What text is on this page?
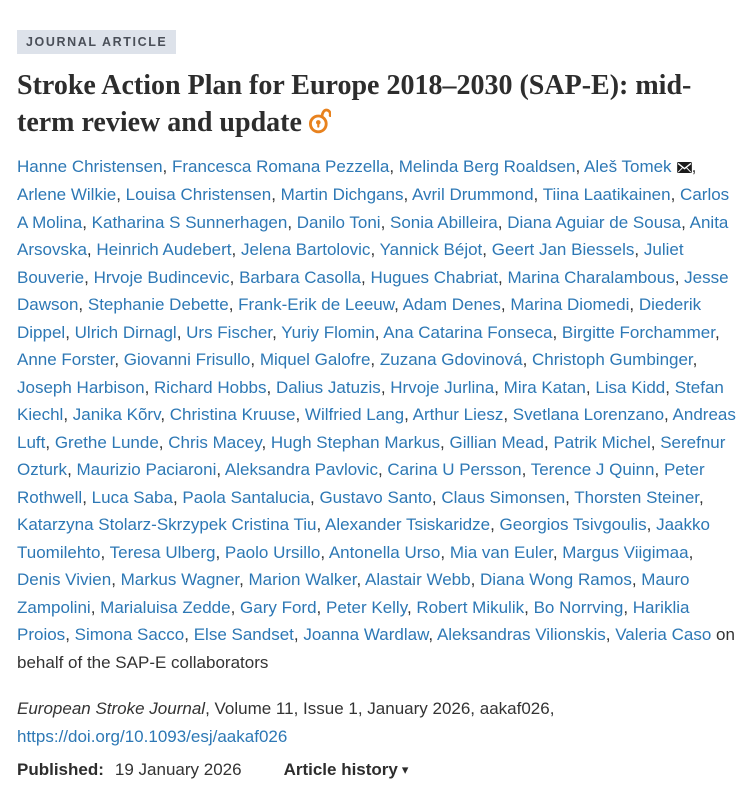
JOURNAL ARTICLE
Stroke Action Plan for Europe 2018–2030 (SAP-E): mid-term review and update

Hanne Christensen, Francesca Romana Pezzella, Melinda Berg Roaldsen, Aleš Tomek , Arlene Wilkie, Louisa Christensen, Martin Dichgans, Avril Drummond, Tiina Laatikainen, Carlos A Molina, Katharina S Sunnerhagen, Danilo Toni, Sonia Abilleira, Diana Aguiar de Sousa, Anita Arsovska, Heinrich Audebert, Jelena Bartolovic, Yannick Béjot, Geert Jan Biessels, Juliet Bouverie, Hrvoje Budincevic, Barbara Casolla, Hugues Chabriat, Marina Charalambous, Jesse Dawson, Stephanie Debette, Frank-Erik de Leeuw, Adam Denes, Marina Diomedi, Diederik Dippel, Ulrich Dirnagl, Urs Fischer, Yuriy Flomin, Ana Catarina Fonseca, Birgitte Forchammer, Anne Forster, Giovanni Frisullo, Miquel Galofre, Zuzana Gdovinová, Christoph Gumbinger, Joseph Harbison, Richard Hobbs, Dalius Jatuzis, Hrvoje Jurlina, Mira Katan, Lisa Kidd, Stefan Kiechl, Janika Kõrv, Christina Kruuse, Wilfried Lang, Arthur Liesz, Svetlana Lorenzano, Andreas Luft, Grethe Lunde, Chris Macey, Hugh Stephan Markus, Gillian Mead, Patrik Michel, Serefnur Ozturk, Maurizio Paciaroni, Aleksandra Pavlovic, Carina U Persson, Terence J Quinn, Peter Rothwell, Luca Saba, Paola Santalucia, Gustavo Santo, Claus Simonsen, Thorsten Steiner, Katarzyna Stolarz-Skrzypek Cristina Tiu, Alexander Tsiskaridze, Georgios Tsivgoulis, Jaakko Tuomilehto, Teresa Ulberg, Paolo Ursillo, Antonella Urso, Mia van Euler, Margus Viigimaa, Denis Vivien, Markus Wagner, Marion Walker, Alastair Webb, Diana Wong Ramos, Mauro Zampolini, Marialuisa Zedde, Gary Ford, Peter Kelly, Robert Mikulik, Bo Norrving, Hariklia Proios, Simona Sacco, Else Sandset, Joanna Wardlaw, Aleksandras Vilionskis, Valeria Caso on behalf of the SAP-E collaborators

European Stroke Journal, Volume 11, Issue 1, January 2026, aakaf026, https://doi.org/10.1093/esj/aakaf026

Published: 19 January 2026 Article history ▾
